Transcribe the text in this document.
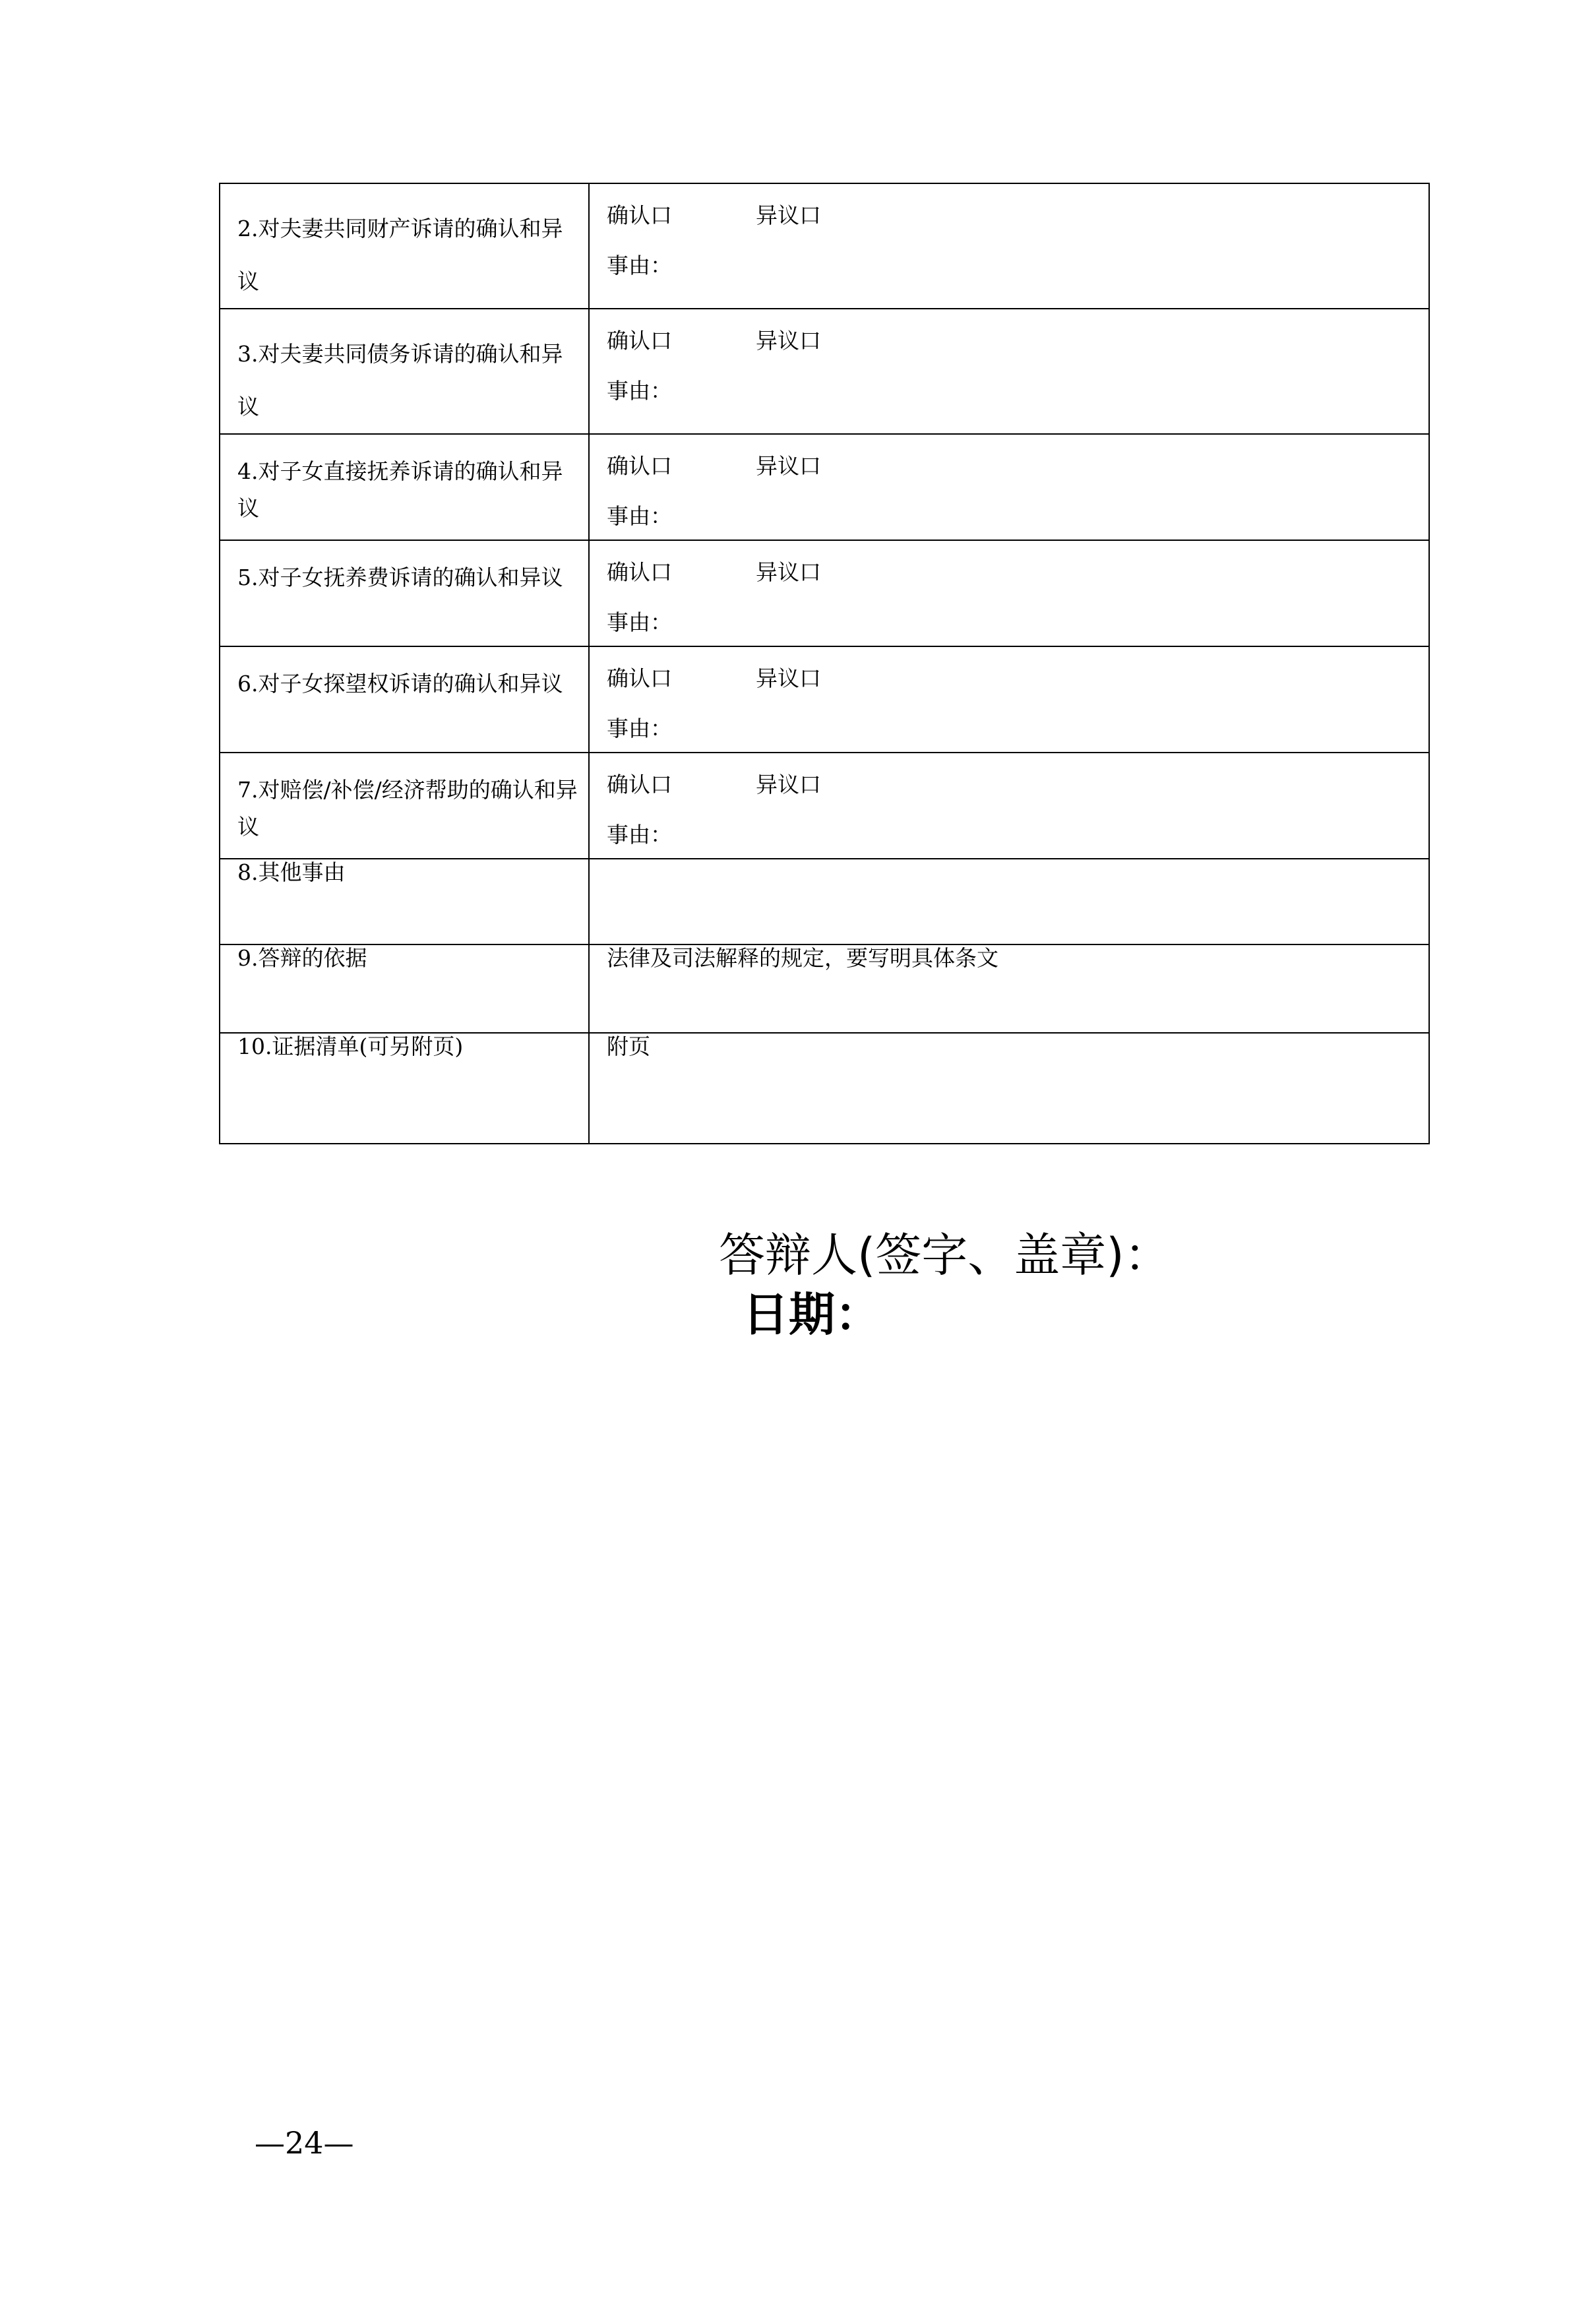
2.对夫妻共同财产诉请的确认和异议	确认口 异议口
事由：

3.对夫妻共同债务诉请的确认和异议	确认口 异议口
事由：

4.对子女直接抚养诉请的确认和异议	确认口 异议口
事由：

5.对子女抚养费诉请的确认和异议	确认口 异议口
事由：

6.对子女探望权诉请的确认和异议	确认口 异议口
事由：

7.对赔偿/补偿/经济帮助的确认和异议	确认口 异议口
事由：

8.其他事由	

9.答辩的依据	法律及司法解释的规定，要写明具体条文

10.证据清单(可另附页)	附页
答辩人(签字、盖章)：
日期：
—24—
